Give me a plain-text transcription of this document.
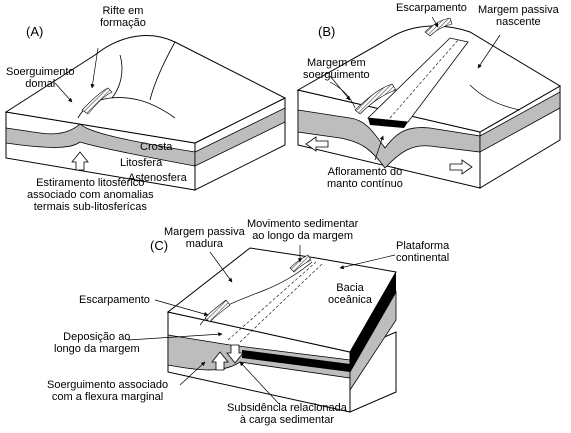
(A)
Rifte em
formação
Soerguimento
domal
Crosta
Litosfera
Astenosfera
Estiramento litosférico
associado com anomalias
termais sub-litosferícas
(B)
Escarpamento Margem passiva
nascente
Margem em
soerguimento
Afloramento do
manto contínuo
(C)
Margem passiva
madura
Movimento sedimentar
ao longo da margem
Plataforma
continental
Bacia
oceânica
Escarpamento
Deposição ao
longo da margem
Soerguimento associado
com a flexura marginal
Subsidência relacionada
à carga sedimentar
